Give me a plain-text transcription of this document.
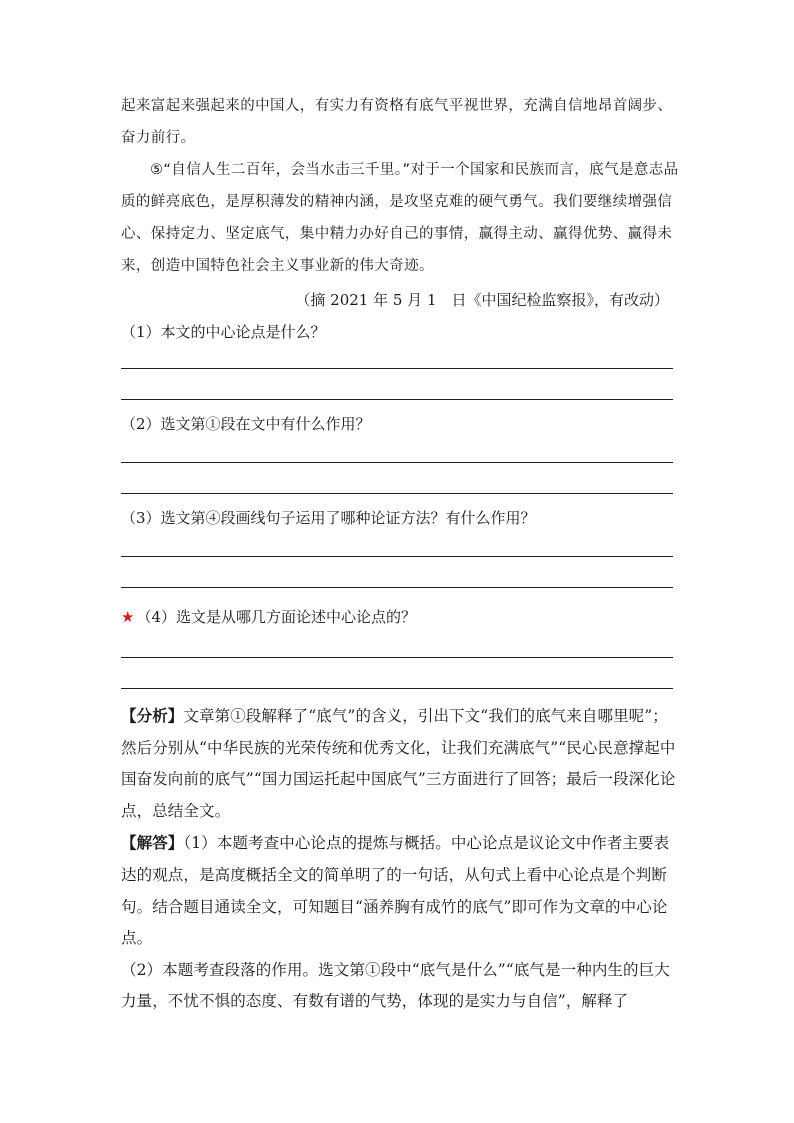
起来富起来强起来的中国人，有实力有资格有底气平视世界，充满自信地昂首阔步、奋力前行。

⑤“自信人生二百年，会当水击三千里。”对于一个国家和民族而言，底气是意志品质的鲜亮底色，是厚积薄发的精神内涵，是攻坚克难的硬气勇气。我们要继续增强信心、保持定力、坚定底气，集中精力办好自己的事情，赢得主动、赢得优势、赢得未来，创造中国特色社会主义事业新的伟大奇迹。

（摘 2021 年 5 月 1　日《中国纪检监察报》，有改动）
（1）本文的中心论点是什么？
（2）选文第①段在文中有什么作用？
（3）选文第④段画线句子运用了哪种论证方法？有什么作用？
★ （4）选文是从哪几方面论述中心论点的？

【分析】文章第①段解释了“底气”的含义，引出下文“我们的底气来自哪里呢”；然后分别从“中华民族的光荣传统和优秀文化，让我们充满底气”“民心民意撑起中国奋发向前的底气”“国力国运托起中国底气”三方面进行了回答；最后一段深化论点，总结全文。

【解答】（1）本题考查中心论点的提炼与概括。中心论点是议论文中作者主要表达的观点，是高度概括全文的简单明了的一句话，从句式上看中心论点是个判断句。结合题目通读全文，可知题目“涵养胸有成竹的底气”即可作为文章的中心论点。

（2）本题考查段落的作用。选文第①段中“底气是什么”“底气是一种内生的巨大力量，不忧不惧的态度、有数有谱的气势，体现的是实力与自信”，解释了
